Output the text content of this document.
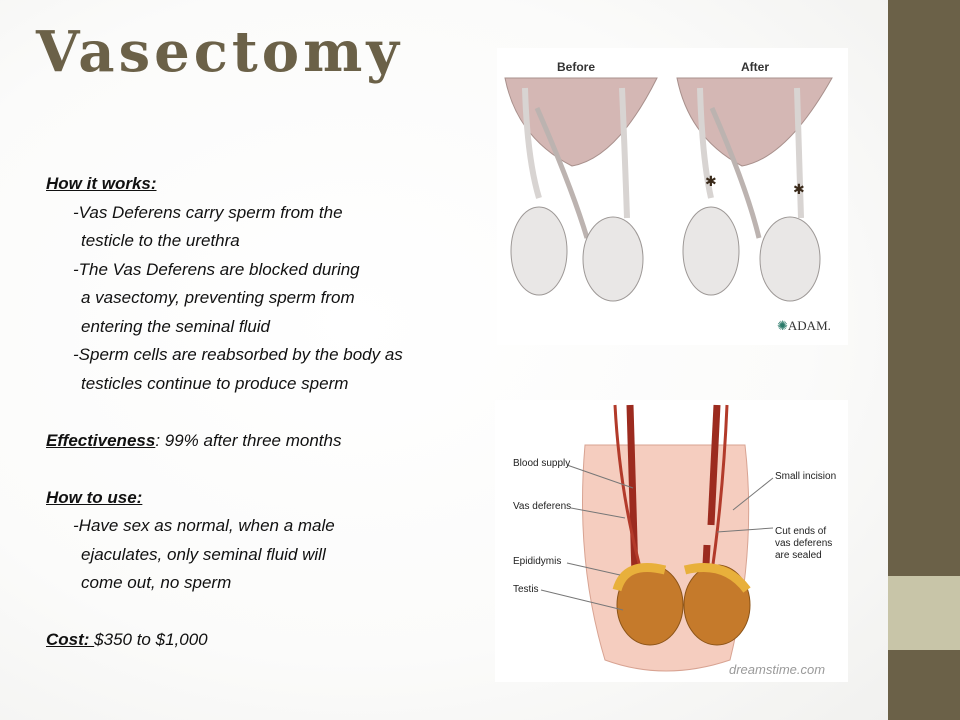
Vasectomy
How it works:
-Vas Deferens carry sperm from the
testicle to the urethra
-The Vas Deferens are blocked during
a vasectomy, preventing sperm from
entering the seminal fluid
-Sperm cells are reabsorbed by the body as
testicles continue to produce sperm
Effectiveness: 99% after three months
How to use:
-Have sex as normal, when a male
ejaculates, only seminal fluid will
come out, no sperm
Cost: $350 to $1,000
✱	✱
Before	After
✺ADAM.
Blood supply
Vas deferens
Epididymis
Testis
Small incision
Cut ends of
vas deferens
are sealed
dreamstime.com
